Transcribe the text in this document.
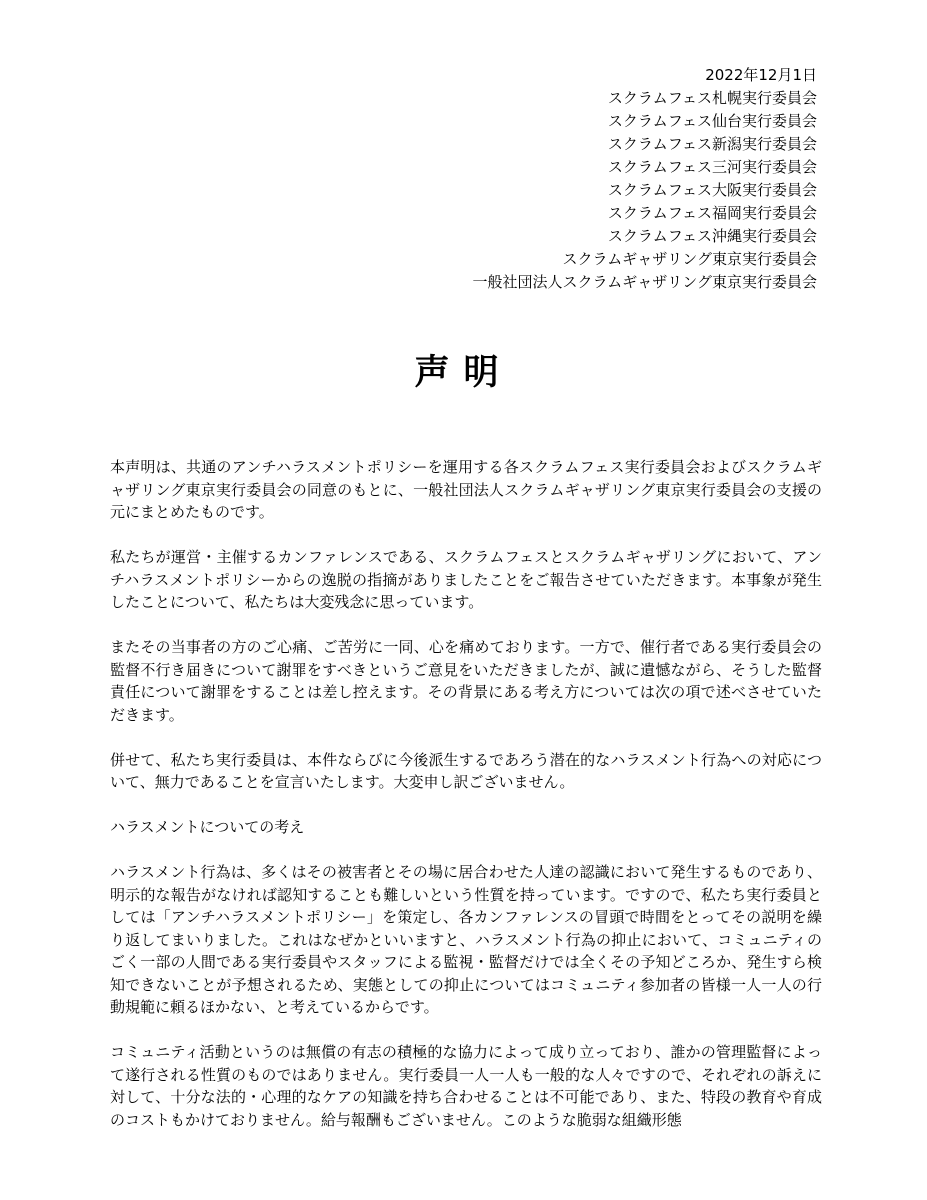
2022年12月1日
スクラムフェス札幌実行委員会
スクラムフェス仙台実行委員会
スクラムフェス新潟実行委員会
スクラムフェス三河実行委員会
スクラムフェス大阪実行委員会
スクラムフェス福岡実行委員会
スクラムフェス沖縄実行委員会
スクラムギャザリング東京実行委員会
一般社団法人スクラムギャザリング東京実行委員会
声明

本声明は、共通のアンチハラスメントポリシーを運用する各スクラムフェス実行委員会およびスクラムギャザリング東京実行委員会の同意のもとに、一般社団法人スクラムギャザリング東京実行委員会の支援の元にまとめたものです。

私たちが運営・主催するカンファレンスである、スクラムフェスとスクラムギャザリングにおいて、アンチハラスメントポリシーからの逸脱の指摘がありましたことをご報告させていただきます。本事象が発生したことについて、私たちは大変残念に思っています。

またその当事者の方のご心痛、ご苦労に一同、心を痛めております。一方で、催行者である実行委員会の監督不行き届きについて謝罪をすべきというご意見をいただきましたが、誠に遺憾ながら、そうした監督責任について謝罪をすることは差し控えます。その背景にある考え方については次の項で述べさせていただきます。

併せて、私たち実行委員は、本件ならびに今後派生するであろう潜在的なハラスメント行為への対応について、無力であることを宣言いたします。大変申し訳ございません。

ハラスメントについての考え

ハラスメント行為は、多くはその被害者とその場に居合わせた人達の認識において発生するものであり、明示的な報告がなければ認知することも難しいという性質を持っています。ですので、私たち実行委員としては「アンチハラスメントポリシー」を策定し、各カンファレンスの冒頭で時間をとってその説明を繰り返してまいりました。これはなぜかといいますと、ハラスメント行為の抑止において、コミュニティのごく一部の人間である実行委員やスタッフによる監視・監督だけでは全くその予知どころか、発生すら検知できないことが予想されるため、実態としての抑止についてはコミュニティ参加者の皆様一人一人の行動規範に頼るほかない、と考えているからです。

コミュニティ活動というのは無償の有志の積極的な協力によって成り立っており、誰かの管理監督によって遂行される性質のものではありません。実行委員一人一人も一般的な人々ですので、それぞれの訴えに対して、十分な法的・心理的なケアの知識を持ち合わせることは不可能であり、また、特段の教育や育成のコストもかけておりません。給与報酬もございません。このような脆弱な組織形態
